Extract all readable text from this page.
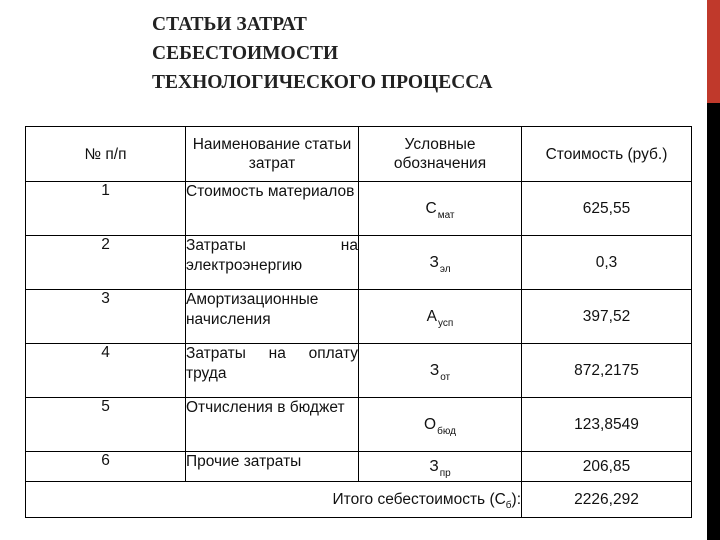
СТАТЬИ ЗАТРАТ
СЕБЕСТОИМОСТИ
ТЕХНОЛОГИЧЕСКОГО ПРОЦЕССА
№ п/п	Наименование статьи затрат	Условные обозначения	Стоимость (руб.)
1	Стоимость материалов	$С_{мат}$	625,55
2	Затраты на электроэнергию	$З_{эл}$	0,3
3	Амортизационные начисления	$А_{усп}$	397,52
4	Затраты на оплату труда	$З_{от}$	872,2175
5	Отчисления в бюджет	$О_{бюд}$	123,8549
6	Прочие затраты	$З_{пр}$	206,85
Итого себестоимость $(С_б)$:			2226,292
